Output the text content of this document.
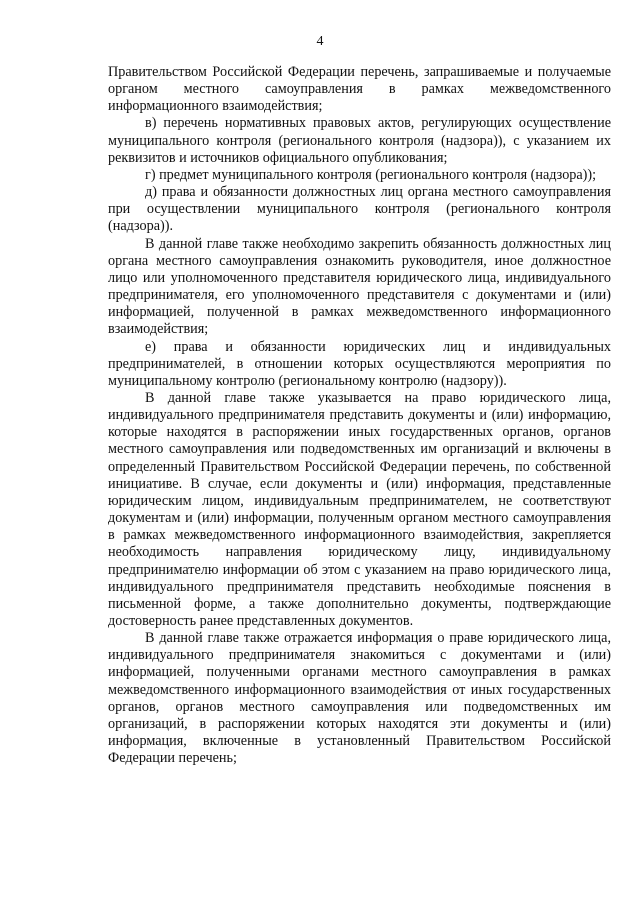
4

Правительством Российской Федерации перечень, запрашиваемые и получаемые органом местного самоуправления в рамках межведомственного информационного взаимодействия;

в) перечень нормативных правовых актов, регулирующих осуществление муниципального контроля (регионального контроля (надзора)), с указанием их реквизитов и источников официального опубликования;

г) предмет муниципального контроля (регионального контроля (надзора));

д) права и обязанности должностных лиц органа местного самоуправления при осуществлении муниципального контроля (регионального контроля (надзора)).

В данной главе также необходимо закрепить обязанность должностных лиц органа местного самоуправления ознакомить руководителя, иное должностное лицо или уполномоченного представителя юридического лица, индивидуального предпринимателя, его уполномоченного представителя с документами и (или) информацией, полученной в рамках межведомственного информационного взаимодействия;

е) права и обязанности юридических лиц и индивидуальных предпринимателей, в отношении которых осуществляются мероприятия по муниципальному контролю (региональному контролю (надзору)).

В данной главе также указывается на право юридического лица, индивидуального предпринимателя представить документы и (или) информацию, которые находятся в распоряжении иных государственных органов, органов местного самоуправления или подведомственных им организаций и включены в определенный Правительством Российской Федерации перечень, по собственной инициативе. В случае, если документы и (или) информация, представленные юридическим лицом, индивидуальным предпринимателем, не соответствуют документам и (или) информации, полученным органом местного самоуправления в рамках межведомственного информационного взаимодействия, закрепляется необходимость направления юридическому лицу, индивидуальному предпринимателю информации об этом с указанием на право юридического лица, индивидуального предпринимателя представить необходимые пояснения в письменной форме, а также дополнительно документы, подтверждающие достоверность ранее представленных документов.

В данной главе также отражается информация о праве юридического лица, индивидуального предпринимателя знакомиться с документами и (или) информацией, полученными органами местного самоуправления в рамках межведомственного информационного взаимодействия от иных государственных органов, органов местного самоуправления или подведомственных им организаций, в распоряжении которых находятся эти документы и (или) информация, включенные в установленный Правительством Российской Федерации перечень;
